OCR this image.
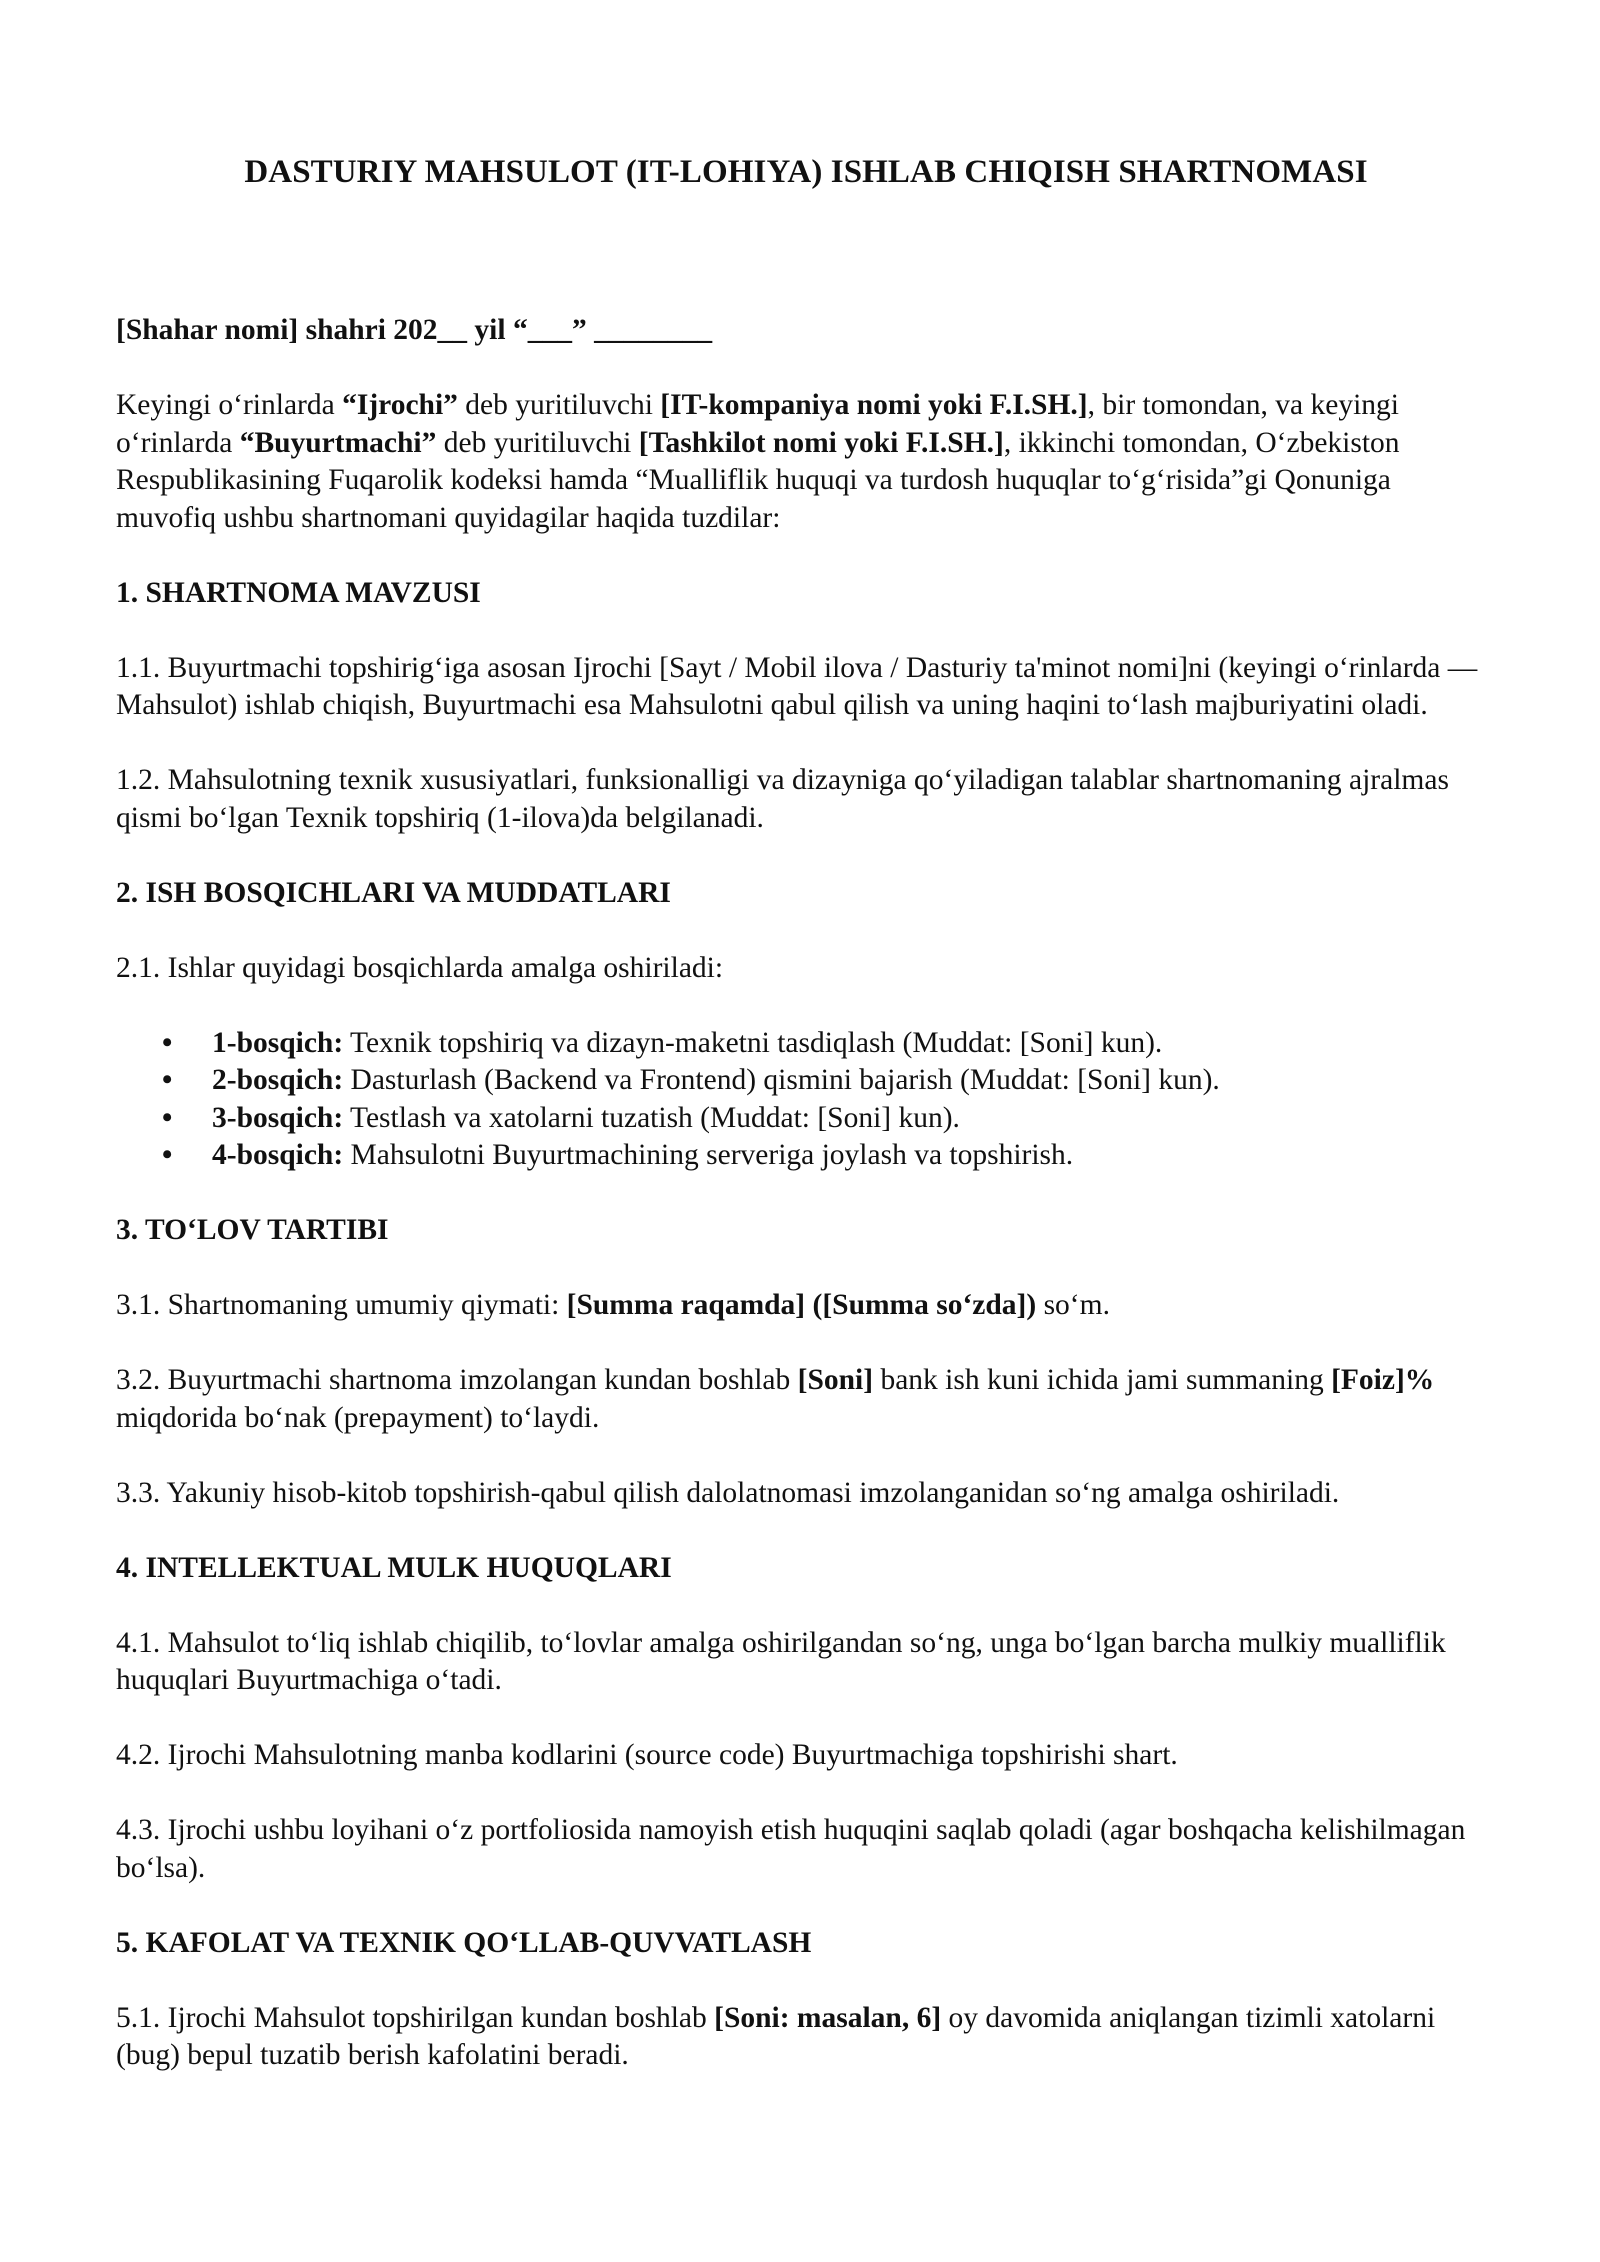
DASTURIY MAHSULOT (IT-LOHIYA) ISHLAB CHIQISH SHARTNOMASI

[Shahar nomi] shahri 202__ yil “___” ________

Keyingi o‘rinlarda “Ijrochi” deb yuritiluvchi [IT-kompaniya nomi yoki F.I.SH.], bir tomondan, va keyingi o‘rinlarda “Buyurtmachi” deb yuritiluvchi [Tashkilot nomi yoki F.I.SH.], ikkinchi tomondan, O‘zbekiston Respublikasining Fuqarolik kodeksi hamda “Mualliflik huquqi va turdosh huquqlar to‘g‘risida”gi Qonuniga muvofiq ushbu shartnomani quyidagilar haqida tuzdilar:

1. SHARTNOMA MAVZUSI

1.1. Buyurtmachi topshirig‘iga asosan Ijrochi [Sayt / Mobil ilova / Dasturiy ta'minot nomi]ni (keyingi o‘rinlarda — Mahsulot) ishlab chiqish, Buyurtmachi esa Mahsulotni qabul qilish va uning haqini to‘lash majburiyatini oladi.

1.2. Mahsulotning texnik xususiyatlari, funksionalligi va dizayniga qo‘yiladigan talablar shartnomaning ajralmas qismi bo‘lgan Texnik topshiriq (1-ilova)da belgilanadi.

2. ISH BOSQICHLARI VA MUDDATLARI

2.1. Ishlar quyidagi bosqichlarda amalga oshiriladi:

• 1-bosqich: Texnik topshiriq va dizayn-maketni tasdiqlash (Muddat: [Soni] kun).
• 2-bosqich: Dasturlash (Backend va Frontend) qismini bajarish (Muddat: [Soni] kun).
• 3-bosqich: Testlash va xatolarni tuzatish (Muddat: [Soni] kun).
• 4-bosqich: Mahsulotni Buyurtmachining serveriga joylash va topshirish.
3. TO‘LOV TARTIBI

3.1. Shartnomaning umumiy qiymati: [Summa raqamda] ([Summa so‘zda]) so‘m.

3.2. Buyurtmachi shartnoma imzolangan kundan boshlab [Soni] bank ish kuni ichida jami summaning [Foiz]% miqdorida bo‘nak (prepayment) to‘laydi.

3.3. Yakuniy hisob-kitob topshirish-qabul qilish dalolatnomasi imzolanganidan so‘ng amalga oshiriladi.

4. INTELLEKTUAL MULK HUQUQLARI

4.1. Mahsulot to‘liq ishlab chiqilib, to‘lovlar amalga oshirilgandan so‘ng, unga bo‘lgan barcha mulkiy mualliflik huquqlari Buyurtmachiga o‘tadi.

4.2. Ijrochi Mahsulotning manba kodlarini (source code) Buyurtmachiga topshirishi shart.

4.3. Ijrochi ushbu loyihani o‘z portfoliosida namoyish etish huquqini saqlab qoladi (agar boshqacha kelishilmagan bo‘lsa).

5. KAFOLAT VA TEXNIK QO‘LLAB-QUVVATLASH

5.1. Ijrochi Mahsulot topshirilgan kundan boshlab [Soni: masalan, 6] oy davomida aniqlangan tizimli xatolarni (bug) bepul tuzatib berish kafolatini beradi.
